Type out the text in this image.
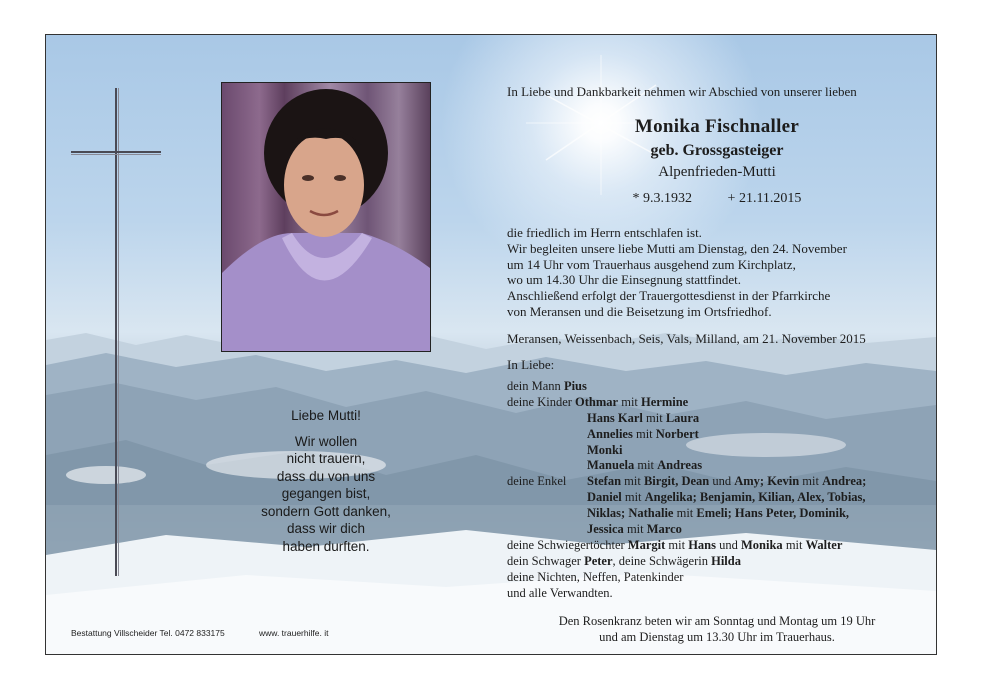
Liebe Mutti!
Wir wollen
nicht trauern,
dass du von uns
gegangen bist,
sondern Gott danken,
dass wir dich
haben durften.
Bestattung Villscheider Tel. 0472 833175	www. trauerhilfe. it
In Liebe und Dankbarkeit nehmen wir Abschied von unserer lieben
Monika Fischnaller
geb. Grossgasteiger
Alpenfrieden-Mutti
* 9.3.1932	+ 21.11.2015
die friedlich im Herrn entschlafen ist.
Wir begleiten unsere liebe Mutti am Dienstag, den 24. November
um 14 Uhr vom Trauerhaus ausgehend zum Kirchplatz,
wo um 14.30 Uhr die Einsegnung stattfindet.
Anschließend erfolgt der Trauergottesdienst in der Pfarrkirche
von Meransen und die Beisetzung im Ortsfriedhof.
Meransen, Weissenbach, Seis, Vals, Milland, am 21. November 2015
In Liebe:
dein Mann Pius
deine Kinder Othmar mit Hermine
Hans Karl mit Laura
Annelies mit Norbert
Monki
Manuela mit Andreas
deine Enkel Stefan mit Birgit, Dean und Amy; Kevin mit Andrea;
Daniel mit Angelika; Benjamin, Kilian, Alex, Tobias,
Niklas; Nathalie mit Emeli; Hans Peter, Dominik,
Jessica mit Marco
deine Schwiegertöchter Margit mit Hans und Monika mit Walter
dein Schwager Peter, deine Schwägerin Hilda
deine Nichten, Neffen, Patenkinder
und alle Verwandten.
Den Rosenkranz beten wir am Sonntag und Montag um 19 Uhr
und am Dienstag um 13.30 Uhr im Trauerhaus.
